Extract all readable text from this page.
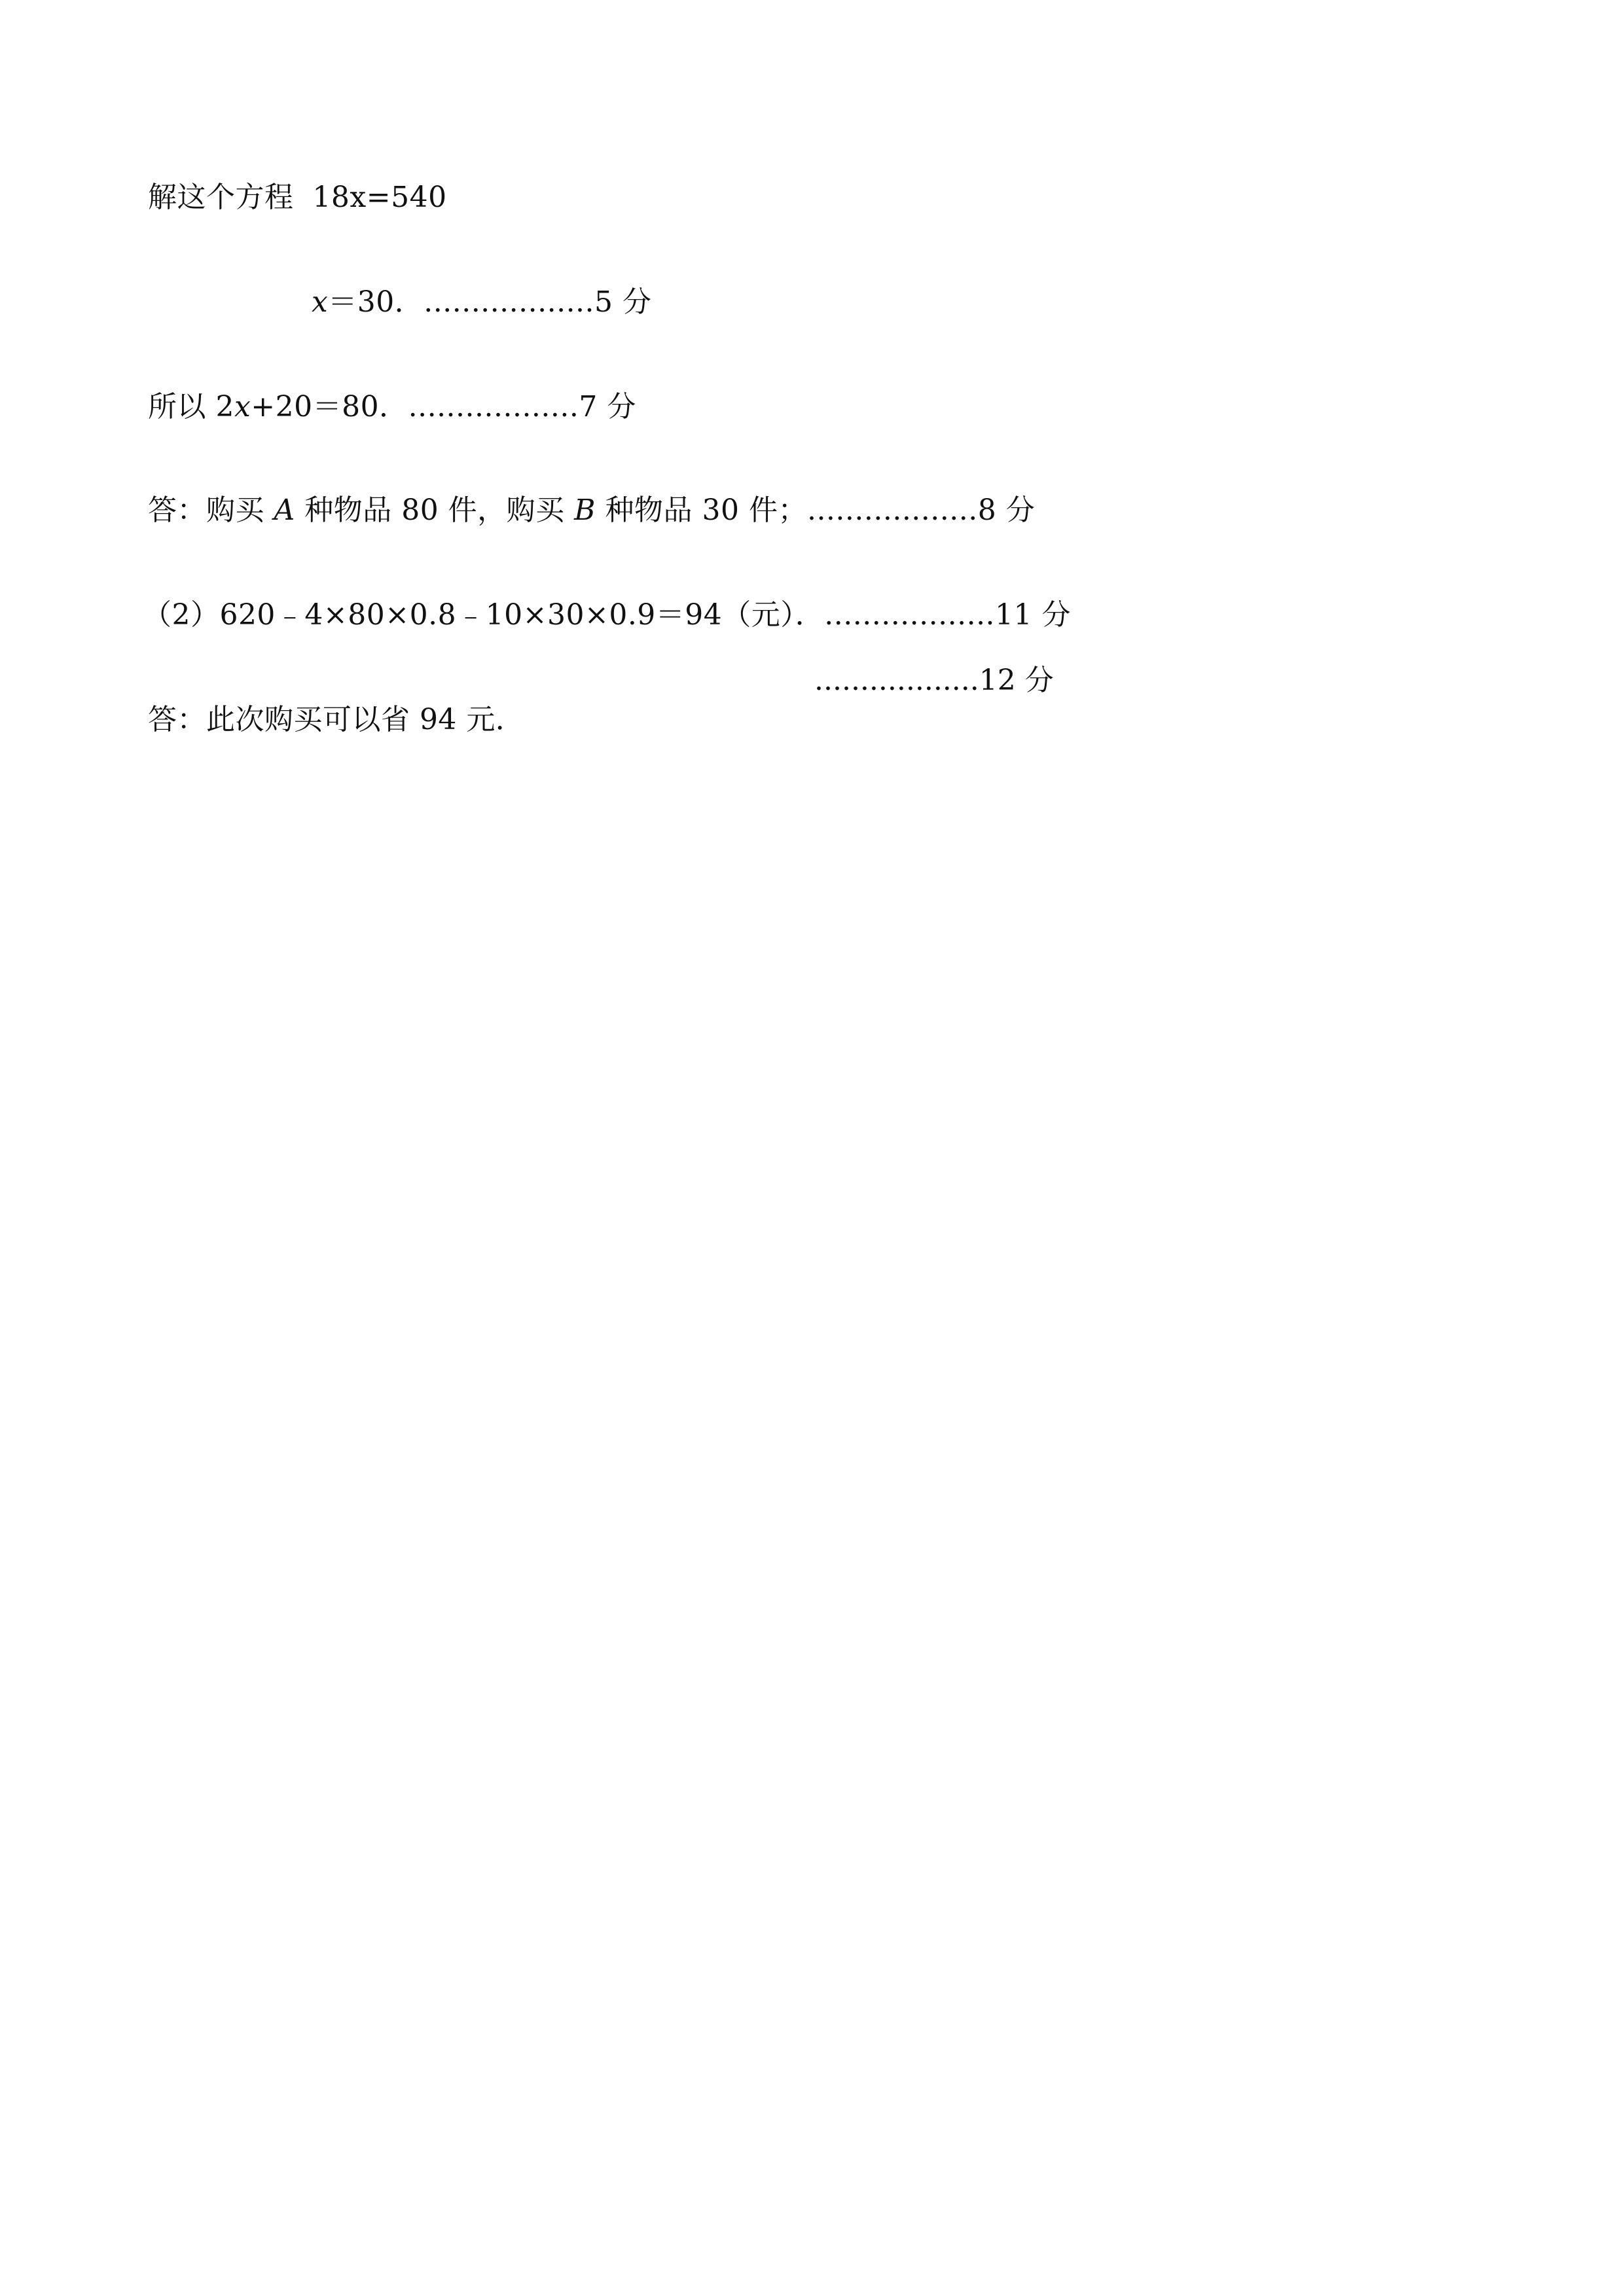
解这个方程  18x=540

x＝30．..................5 分

所以 2x+20＝80．..................7 分

答：购买 A 种物品 80 件，购买 B 种物品 30 件；..................8 分

（2）620﹣4×80×0.8﹣10×30×0.9＝94（元）．..................11 分

答：此次购买可以省 94 元．

..................12 分
